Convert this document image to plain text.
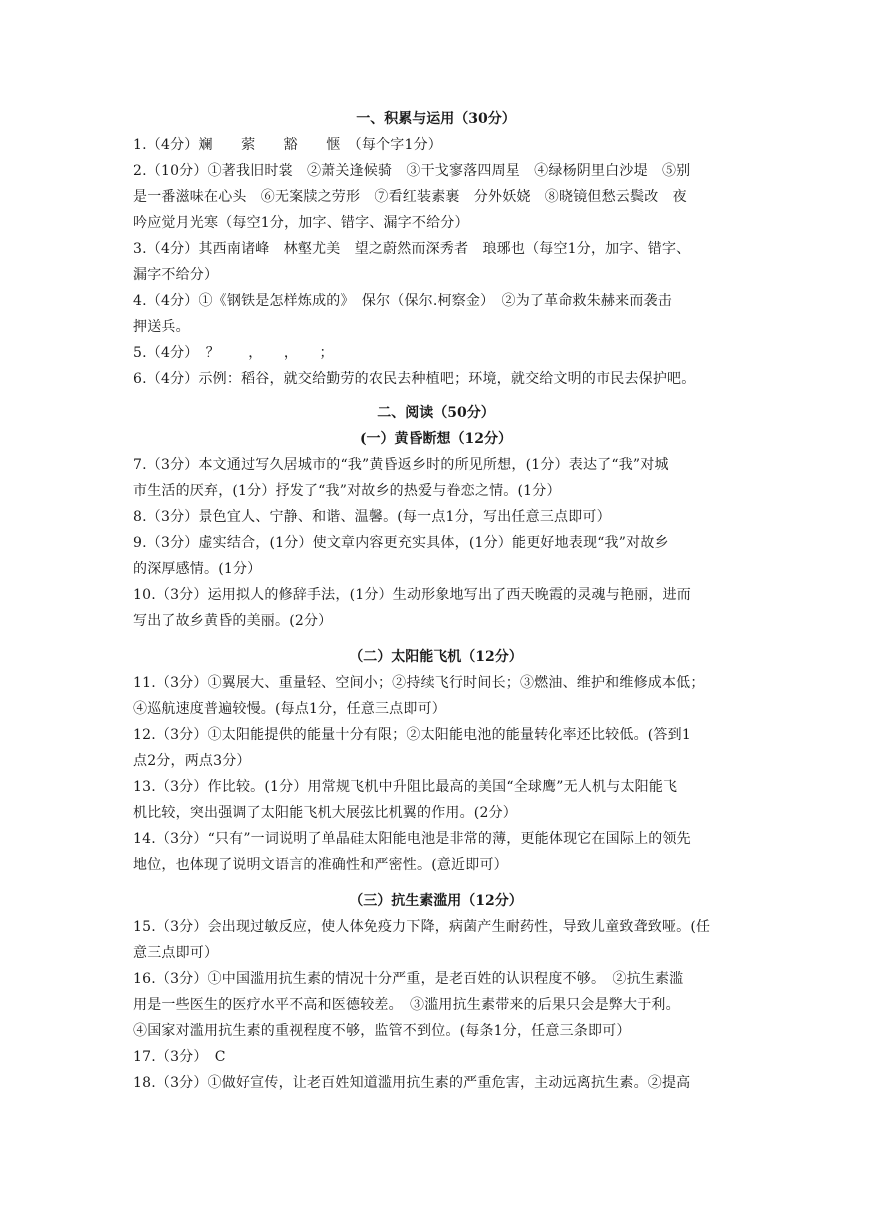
一、积累与运用（30分）
1.（4分）斓　　萦　　豁　　惬　（每个字1分）
2.（10分）①著我旧时裳　②萧关逢候骑　③干戈寥落四周星　④绿杨阴里白沙堤　⑤别
是一番滋味在心头　⑥无案牍之劳形　⑦看红装素裹　分外妖娆　⑧晓镜但愁云鬓改　夜
吟应觉月光寒（每空1分，加字、错字、漏字不给分）
3.（4分）其西南诸峰　林壑尤美　望之蔚然而深秀者　琅琊也（每空1分，加字、错字、
漏字不给分）
4.（4分）①《钢铁是怎样炼成的》　保尔（保尔.柯察金）　②为了革命救朱赫来而袭击
押送兵。
5.（4分）　？　　，　　，　　；
6.（4分）示例：稻谷，就交给勤劳的农民去种植吧；环境，就交给文明的市民去保护吧。
二、阅读（50分）
(一）黄昏断想（12分）
7.（3分）本文通过写久居城市的“我”黄昏返乡时的所见所想，(1分）表达了“我”对城
市生活的厌弃，(1分）抒发了“我”对故乡的热爱与眷恋之情。(1分）
8.（3分）景色宜人、宁静、和谐、温馨。(每一点1分，写出任意三点即可）
9.（3分）虚实结合，(1分）使文章内容更充实具体，(1分）能更好地表现“我”对故乡
的深厚感情。(1分）
10.（3分）运用拟人的修辞手法，(1分）生动形象地写出了西天晚霞的灵魂与艳丽，进而
写出了故乡黄昏的美丽。(2分）
（二）太阳能飞机（12分）
11.（3分）①翼展大、重量轻、空间小；②持续飞行时间长；③燃油、维护和维修成本低；
④巡航速度普遍较慢。(每点1分，任意三点即可）
12.（3分）①太阳能提供的能量十分有限；②太阳能电池的能量转化率还比较低。(答到1
点2分，两点3分）
13.（3分）作比较。(1分）用常规飞机中升阻比最高的美国“全球鹰”无人机与太阳能飞
机比较，突出强调了太阳能飞机大展弦比机翼的作用。(2分）
14.（3分）“只有”一词说明了单晶硅太阳能电池是非常的薄，更能体现它在国际上的领先
地位，也体现了说明文语言的准确性和严密性。(意近即可）
（三）抗生素滥用（12分）
15.（3分）会出现过敏反应，使人体免疫力下降，病菌产生耐药性，导致儿童致聋致哑。(任
意三点即可）
16.（3分）①中国滥用抗生素的情况十分严重，是老百姓的认识程度不够。　②抗生素滥
用是一些医生的医疗水平不高和医德较差。　③滥用抗生素带来的后果只会是弊大于利。
④国家对滥用抗生素的重视程度不够，监管不到位。(每条1分，任意三条即可）
17.（3分）　C
18.（3分）①做好宣传，让老百姓知道滥用抗生素的严重危害，主动远离抗生素。②提高
